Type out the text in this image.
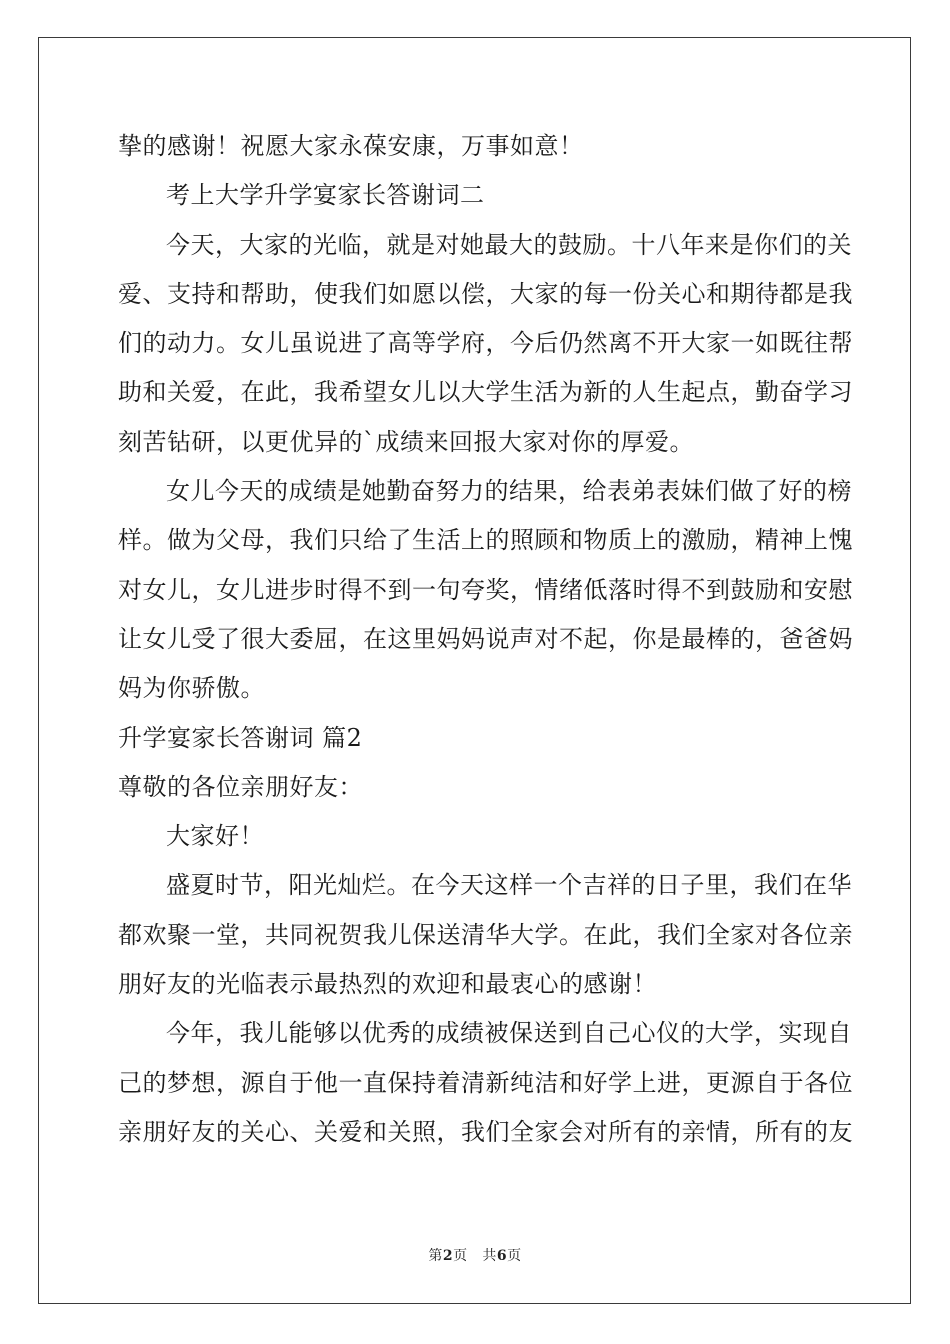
挚的感谢！祝愿大家永葆安康，万事如意！
考上大学升学宴家长答谢词二
今 天 ， 大 家 的 光 临 ， 就 是 对 她 最 大 的 鼓 励 。 十 八 年 来 是 你 们 的 关
爱 、 支 持 和 帮 助 ， 使 我 们 如 愿 以 偿 ， 大 家 的 每 一 份 关 心 和 期 待 都 是 我
们 的 动 力 。 女 儿 虽 说 进 了 高 等 学 府 ， 今 后 仍 然 离 不 开 大 家 一 如 既 往 帮
助 和 关 爱 ， 在 此 ， 我 希 望 女 儿 以 大 学 生 活 为 新 的 人 生 起 点 ， 勤 奋 学 习
刻苦钻研，以更优异的`成绩来回报大家对你的厚爱。
女 儿 今 天 的 成 绩 是 她 勤 奋 努 力 的 结 果 ， 给 表 弟 表 妹 们 做 了 好 的 榜
样 。 做 为 父 母 ， 我 们 只 给 了 生 活 上 的 照 顾 和 物 质 上 的 激 励 ， 精 神 上 愧
对 女 儿 ， 女 儿 进 步 时 得 不 到 一 句 夸 奖 ， 情 绪 低 落 时 得 不 到 鼓 励 和 安 慰
让 女 儿 受 了 很 大 委 屈 ， 在 这 里 妈 妈 说 声 对 不 起 ， 你 是 最 棒 的 ， 爸 爸 妈
妈为你骄傲。
升学宴家长答谢词 篇2
尊敬的各位亲朋好友：
大家好！
盛 夏 时 节 ， 阳 光 灿 烂 。 在 今 天 这 样 一 个 吉 祥 的 日 子 里 ， 我 们 在 华
都 欢 聚 一 堂 ， 共 同 祝 贺 我 儿 保 送 清 华 大 学 。 在 此 ， 我 们 全 家 对 各 位 亲
朋好友的光临表示最热烈的欢迎和最衷心的感谢！
今 年 ， 我 儿 能 够 以 优 秀 的 成 绩 被 保 送 到 自 己 心 仪 的 大 学 ， 实 现 自
己 的 梦 想 ， 源 自 于 他 一 直 保 持 着 清 新 纯 洁 和 好 学 上 进 ， 更 源 自 于 各 位
亲 朋 好 友 的 关 心 、 关 爱 和 关 照 ， 我 们 全 家 会 对 所 有 的 亲 情 ， 所 有 的 友
第2页 共6页
